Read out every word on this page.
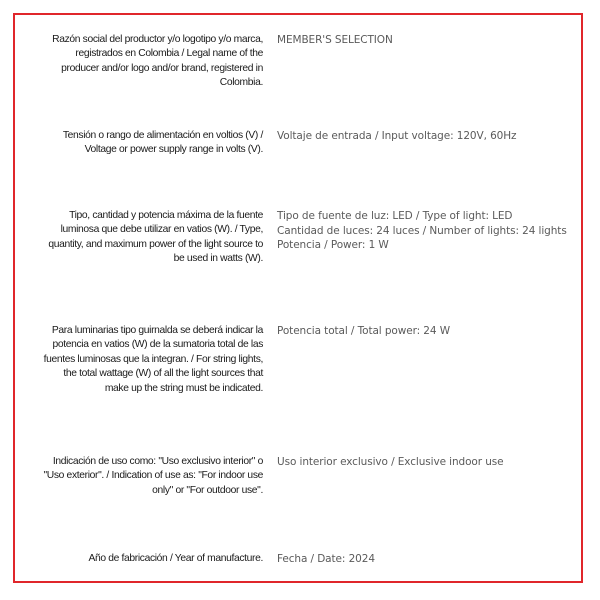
Razón social del productor y/o logotipo y/o marca, registrados en Colombia / Legal name of the producer and/or logo and/or brand, registered in Colombia.
MEMBER'S SELECTION
Tensión o rango de alimentación en voltios (V) / Voltage or power supply range in volts (V).
Voltaje de entrada / Input voltage: 120V, 60Hz
Tipo, cantidad y potencia máxima de la fuente luminosa que debe utilizar en vatios (W). / Type, quantity, and maximum power of the light source to be used in watts (W).
Tipo de fuente de luz: LED / Type of light: LED
Cantidad de luces: 24 luces / Number of lights: 24 lights
Potencia / Power: 1 W
Para luminarias tipo guirnalda se deberá indicar la potencia en vatios (W) de la sumatoria total de las fuentes luminosas que la integran. / For string lights, the total wattage (W) of all the light sources that make up the string must be indicated.
Potencia total / Total power: 24 W
Indicación de uso como: "Uso exclusivo interior" o "Uso exterior". / Indication of use as: "For indoor use only" or "For outdoor use".
Uso interior exclusivo / Exclusive indoor use
Año de fabricación / Year of manufacture. Fecha / Date: 2024
